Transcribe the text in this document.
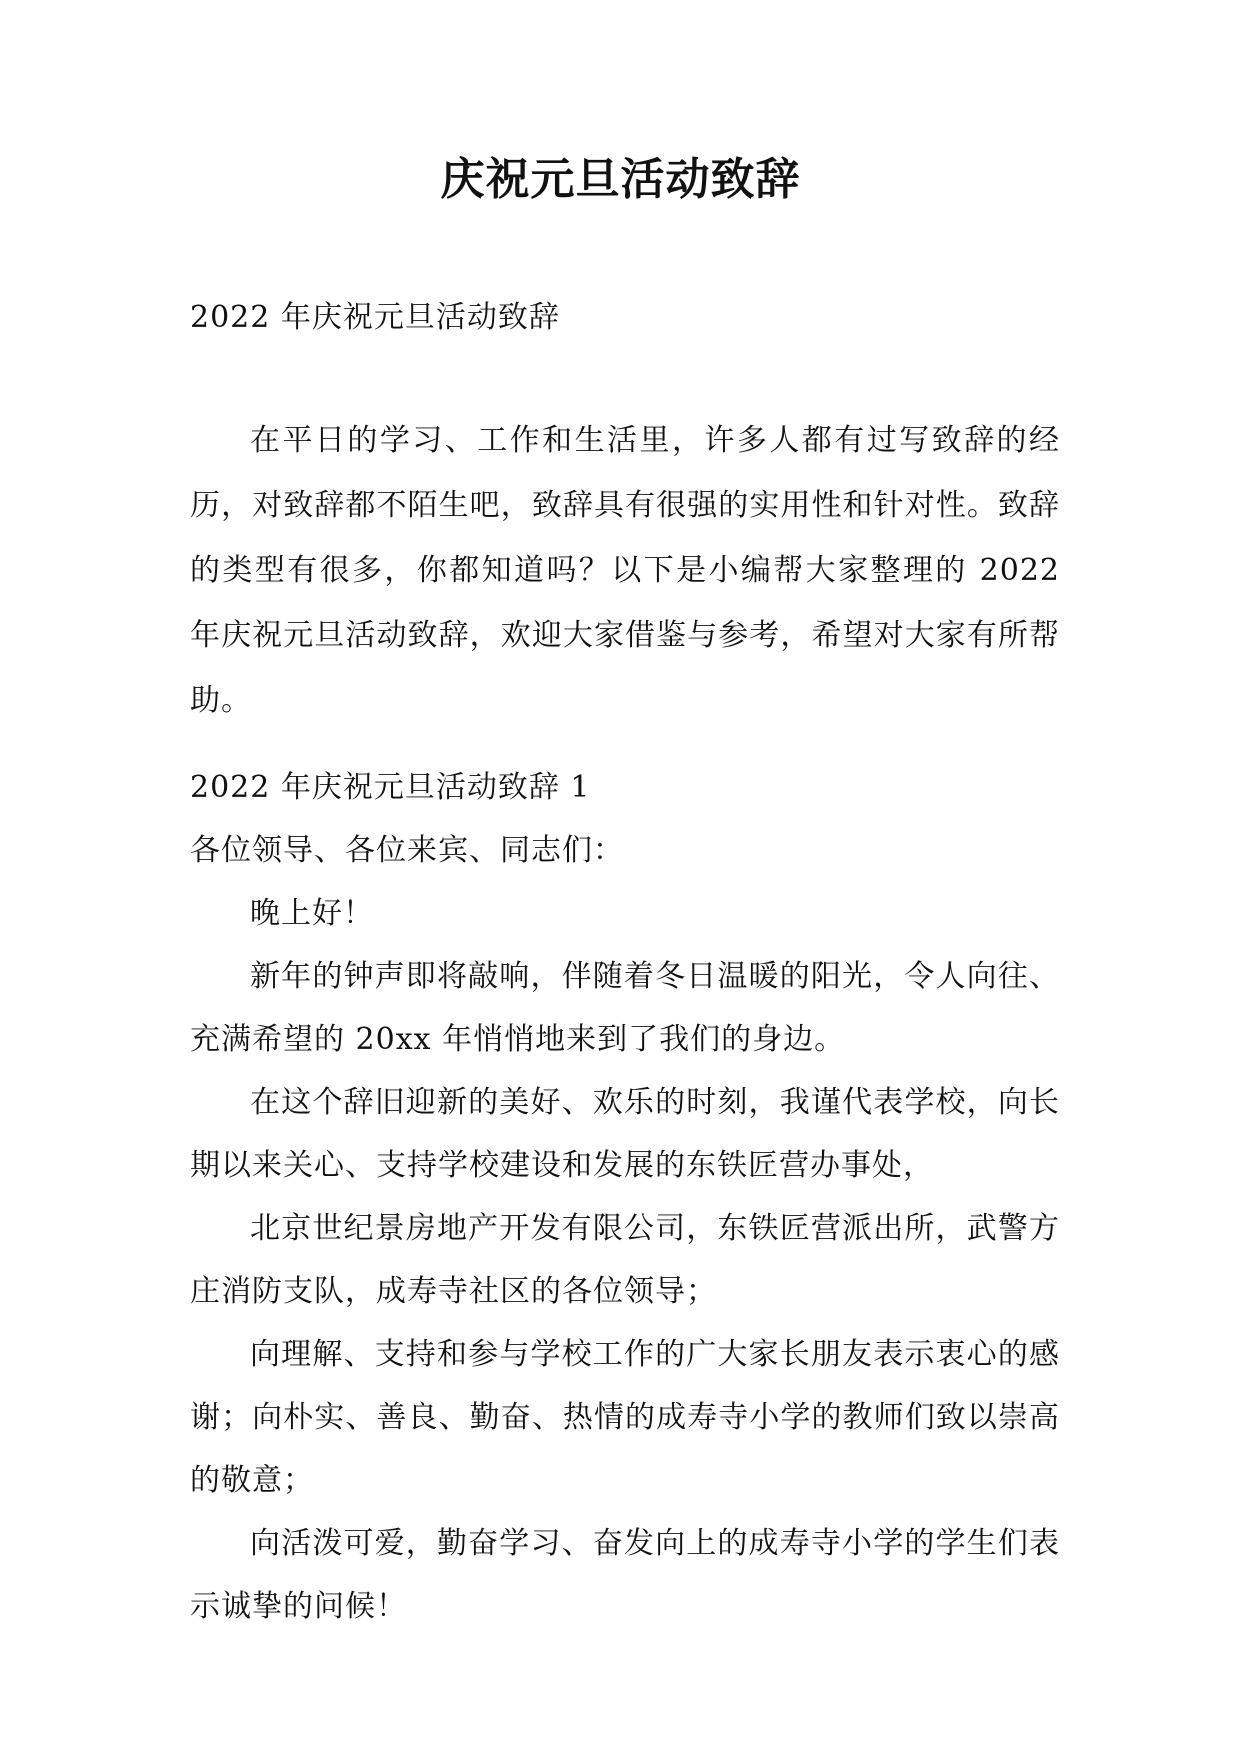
庆祝元旦活动致辞

2022 年庆祝元旦活动致辞

在平日的学习、工作和生活里，许多人都有过写致辞的经历，对致辞都不陌生吧，致辞具有很强的实用性和针对性。致辞的类型有很多，你都知道吗？以下是小编帮大家整理的 2022 年庆祝元旦活动致辞，欢迎大家借鉴与参考，希望对大家有所帮助。

2022 年庆祝元旦活动致辞 1

各位领导、各位来宾、同志们：

晚上好！

新年的钟声即将敲响，伴随着冬日温暖的阳光，令人向往、充满希望的 20xx 年悄悄地来到了我们的身边。

在这个辞旧迎新的美好、欢乐的时刻，我谨代表学校，向长期以来关心、支持学校建设和发展的东铁匠营办事处，

北京世纪景房地产开发有限公司，东铁匠营派出所，武警方庄消防支队，成寿寺社区的各位领导；

向理解、支持和参与学校工作的广大家长朋友表示衷心的感谢；向朴实、善良、勤奋、热情的成寿寺小学的教师们致以崇高的敬意；

向活泼可爱，勤奋学习、奋发向上的成寿寺小学的学生们表示诚挚的问候！
